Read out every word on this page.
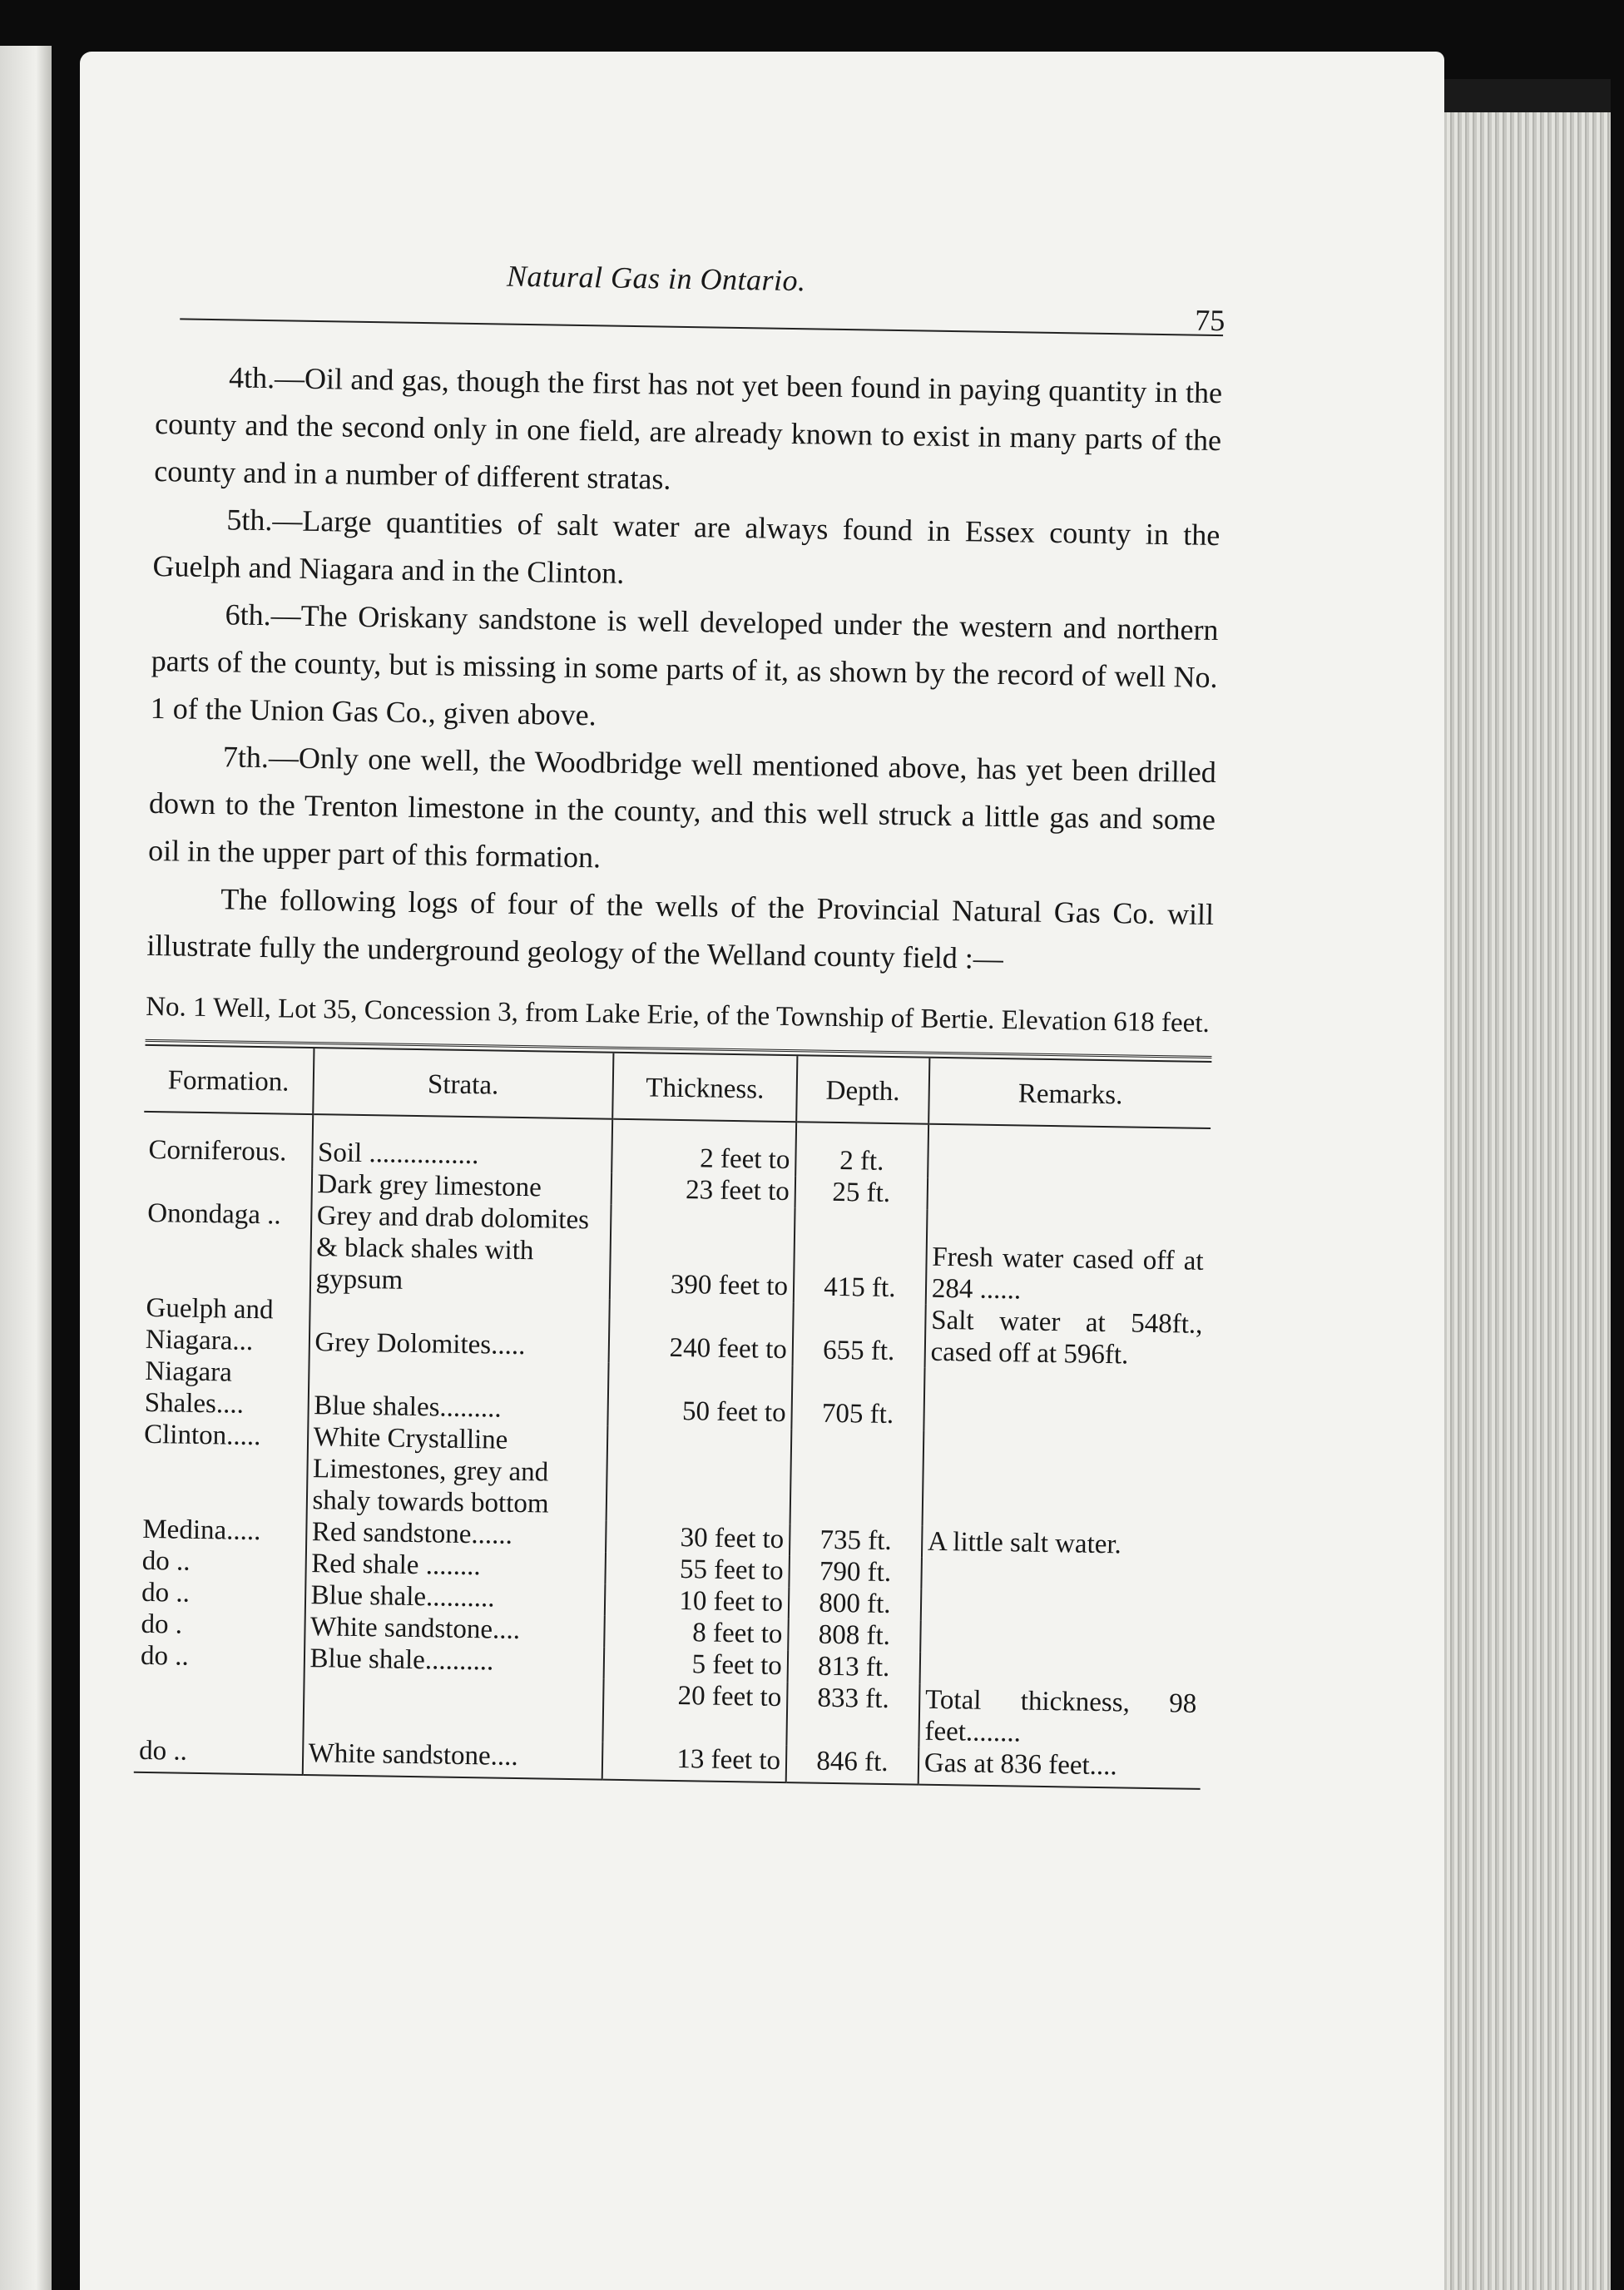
Natural Gas in Ontario.
75

4th.—Oil and gas, though the first has not yet been found in paying quantity in the county and the second only in one field, are already known to exist in many parts of the county and in a number of different stratas.

5th.—Large quantities of salt water are always found in Essex county in the Guelph and Niagara and in the Clinton.

6th.—The Oriskany sandstone is well developed under the western and northern parts of the county, but is missing in some parts of it, as shown by the record of well No. 1 of the Union Gas Co., given above.

7th.—Only one well, the Woodbridge well mentioned above, has yet been drilled down to the Trenton limestone in the county, and this well struck a little gas and some oil in the upper part of this formation.

The following logs of four of the wells of the Provincial Natural Gas Co. will illustrate fully the underground geology of the Welland county field :—

No. 1 Well, Lot 35, Concession 3, from Lake Erie, of the Township of Bertie. Elevation 618 feet.
Formation.	Strata.	Thickness.	Depth.	Remarks.
Corniferous.	Soil ................	2 feet to	2 ft.	
	Dark grey limestone	23 feet to	25 ft.	
Onondaga ..	Grey and drab dolomites & black shales with gypsum	390 feet to	415 ft.	Fresh water cased off at 284 ......
Guelph and Niagara...	Grey Dolomites.....	240 feet to	655 ft.	Salt water at 548ft., cased off at 596ft.
Niagara Shales....	Blue shales.........	50 feet to	705 ft.	
Clinton.....	White Crystalline Limestones, grey and shaly towards bottom			
Medina.....	Red sandstone......	30 feet to	735 ft.	A little salt water.
do ..	Red shale ........	55 feet to	790 ft.	
do ..	Blue shale..........	10 feet to	800 ft.	
do .	White sandstone....	8 feet to	808 ft.	
do ..	Blue shale..........	5 feet to	813 ft.	
		20 feet to	833 ft.	Total thickness, 98 feet........
do ..	White sandstone....	13 feet to	846 ft.	Gas at 836 feet....
